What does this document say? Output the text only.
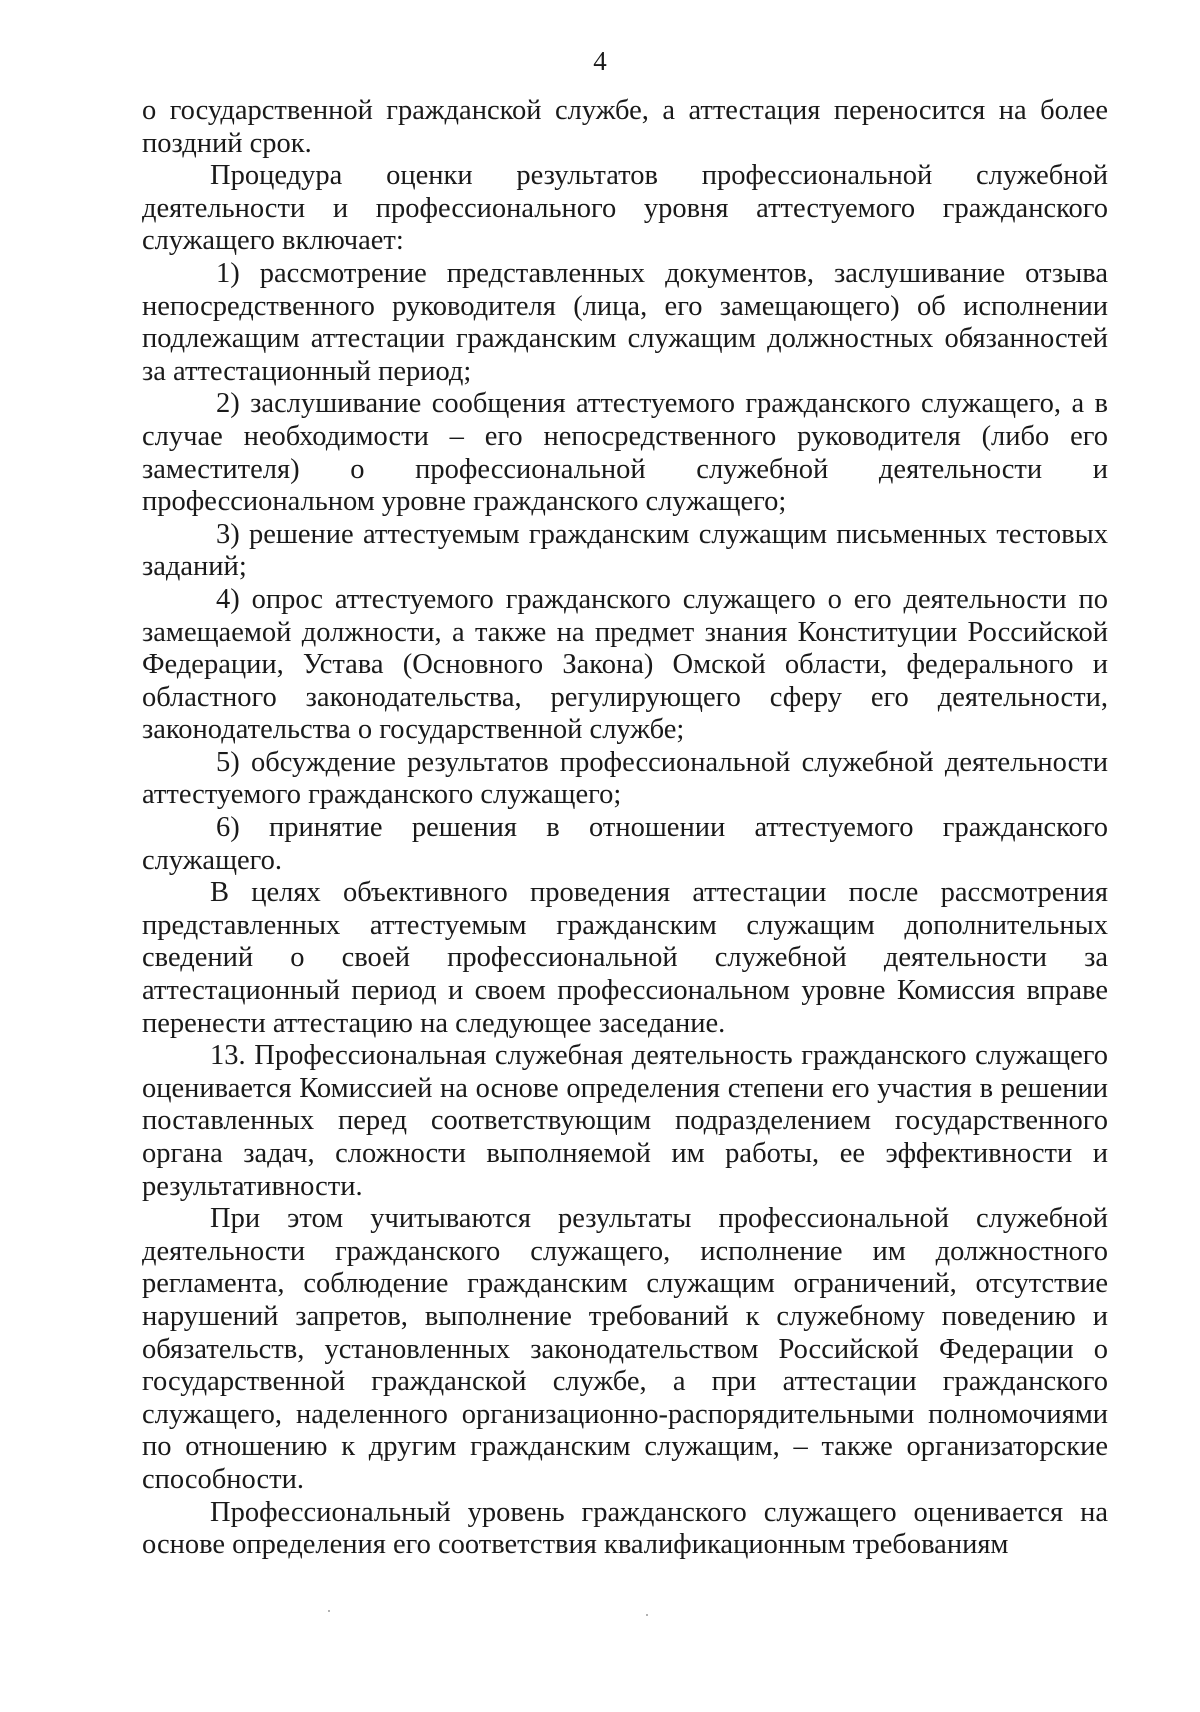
4

о государственной гражданской службе, а аттестация переносится на более поздний срок.

Процедура оценки результатов профессиональной служебной деятельности и профессионального уровня аттестуемого гражданского служащего включает:

1) рассмотрение представленных документов, заслушивание отзыва непосредственного руководителя (лица, его замещающего) об исполнении подлежащим аттестации гражданским служащим должностных обязанностей за аттестационный период;

2) заслушивание сообщения аттестуемого гражданского служащего, а в случае необходимости – его непосредственного руководителя (либо его заместителя) о профессиональной служебной деятельности и профессиональном уровне гражданского служащего;

3) решение аттестуемым гражданским служащим письменных тестовых заданий;

4) опрос аттестуемого гражданского служащего о его деятельности по замещаемой должности, а также на предмет знания Конституции Российской Федерации, Устава (Основного Закона) Омской области, федерального и областного законодательства, регулирующего сферу его деятельности, законодательства о государственной службе;

5) обсуждение результатов профессиональной служебной деятельности аттестуемого гражданского служащего;

6) принятие решения в отношении аттестуемого гражданского служащего.

В целях объективного проведения аттестации после рассмотрения представленных аттестуемым гражданским служащим дополнительных сведений о своей профессиональной служебной деятельности за аттестационный период и своем профессиональном уровне Комиссия вправе перенести аттестацию на следующее заседание.

13. Профессиональная служебная деятельность гражданского служащего оценивается Комиссией на основе определения степени его участия в решении поставленных перед соответствующим подразделением государственного органа задач, сложности выполняемой им работы, ее эффективности и результативности.

При этом учитываются результаты профессиональной служебной деятельности гражданского служащего, исполнение им должностного регламента, соблюдение гражданским служащим ограничений, отсутствие нарушений запретов, выполнение требований к служебному поведению и обязательств, установленных законодательством Российской Федерации о государственной гражданской службе, а при аттестации гражданского служащего, наделенного организационно-распорядительными полномочиями по отношению к другим гражданским служащим, – также организаторские способности.

Профессиональный уровень гражданского служащего оценивается на основе определения его соответствия квалификационным требованиям
